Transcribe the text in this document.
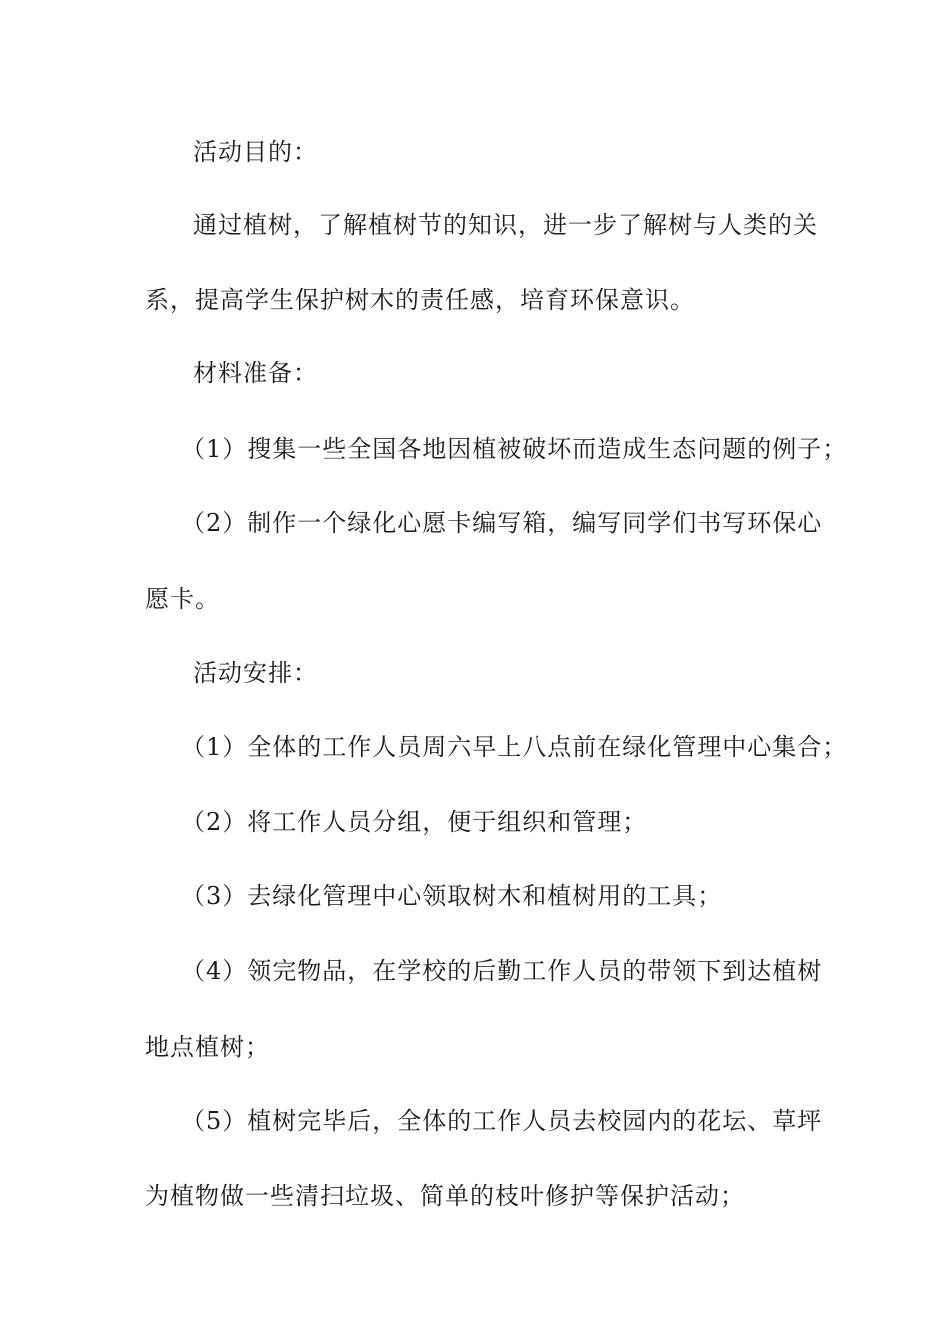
活动目的：
通过植树，了解植树节的知识，进一步了解树与人类的关
系，提高学生保护树木的责任感，培育环保意识。
材料准备：
（1）搜集一些全国各地因植被破坏而造成生态问题的例子；
（2）制作一个绿化心愿卡编写箱，编写同学们书写环保心
愿卡。
活动安排：
（1）全体的工作人员周六早上八点前在绿化管理中心集合；
（2）将工作人员分组，便于组织和管理；
（3）去绿化管理中心领取树木和植树用的工具；
（4）领完物品，在学校的后勤工作人员的带领下到达植树
地点植树；
（5）植树完毕后，全体的工作人员去校园内的花坛、草坪
为植物做一些清扫垃圾、简单的枝叶修护等保护活动；
